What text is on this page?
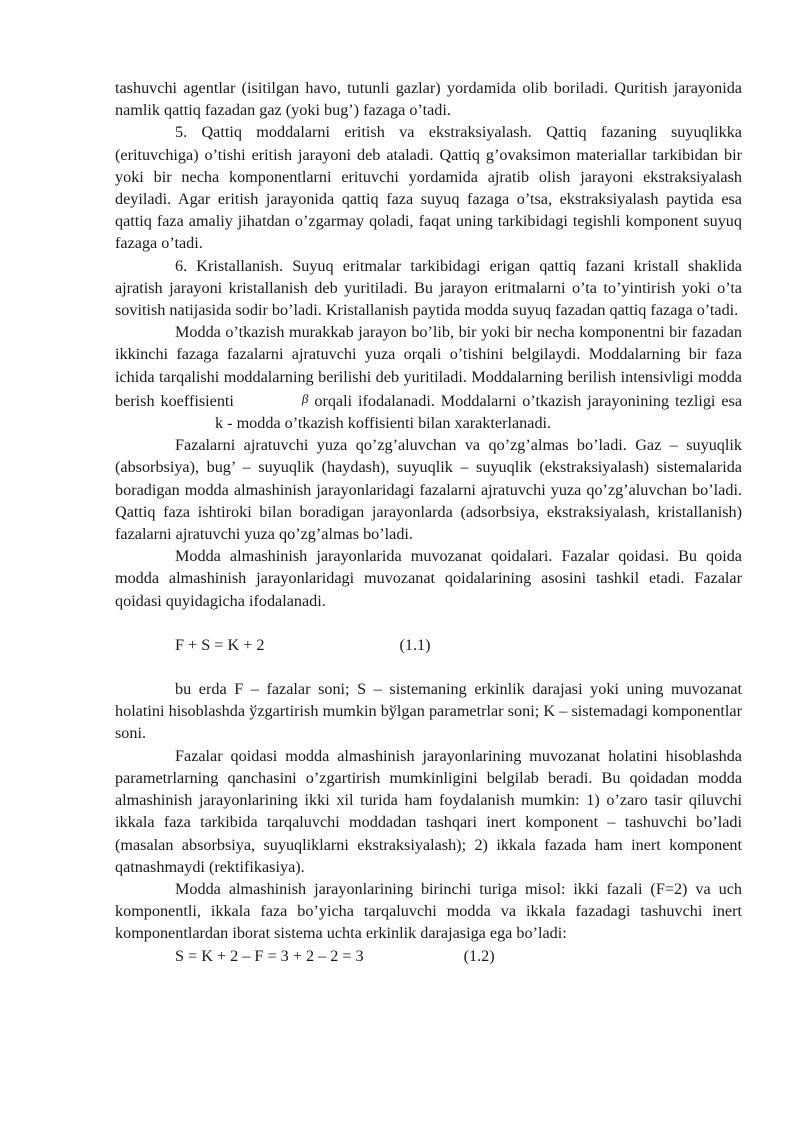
tashuvchi agentlar (isitilgan havo, tutunli gazlar) yordamida olib boriladi. Quritish jarayonida namlik qattiq fazadan gaz (yoki bug’) fazaga o’tadi.

5. Qattiq moddalarni eritish va ekstraksiyalash. Qattiq fazaning suyuqlikka (erituvchiga) o’tishi eritish jarayoni deb ataladi. Qattiq g’ovaksimon materiallar tarkibidan bir yoki bir necha komponentlarni erituvchi yordamida ajratib olish jarayoni ekstraksiyalash deyiladi. Agar eritish jarayonida qattiq faza suyuq fazaga o’tsa, ekstraksiyalash paytida esa qattiq faza amaliy jihatdan o’zgarmay qoladi, faqat uning tarkibidagi tegishli komponent suyuq fazaga o’tadi.

6. Kristallanish. Suyuq eritmalar tarkibidagi erigan qattiq fazani kristall shaklida ajratish jarayoni kristallanish deb yuritiladi. Bu jarayon eritmalarni o’ta to’yintirish yoki o’ta sovitish natijasida sodir bo’ladi. Kristallanish paytida modda suyuq fazadan qattiq fazaga o’tadi.

Modda o’tkazish murakkab jarayon bo’lib, bir yoki bir necha komponentni bir fazadan ikkinchi fazaga fazalarni ajratuvchi yuza orqali o’tishini belgilaydi. Moddalarning bir faza ichida tarqalishi moddalarning berilishi deb yuritiladi. Moddalarning berilish intensivligi modda berish koeffisienti	β orqali ifodalanadi. Moddalarni o’tkazish jarayonining tezligi esak - modda o’tkazish koffisienti bilan xarakterlanadi.

Fazalarni ajratuvchi yuza qo’zg’aluvchan va qo’zg’almas bo’ladi. Gaz – suyuqlik (absorbsiya), bug’ – suyuqlik (haydash), suyuqlik – suyuqlik (ekstraksiyalash) sistemalarida boradigan modda almashinish jarayonlaridagi fazalarni ajratuvchi yuza qo’zg’aluvchan bo’ladi. Qattiq faza ishtiroki bilan boradigan jarayonlarda (adsorbsiya, ekstraksiyalash, kristallanish) fazalarni ajratuvchi yuza qo’zg’almas bo’ladi.

Modda almashinish jarayonlarida muvozanat qoidalari. Fazalar qoidasi. Bu qoida modda almashinish jarayonlaridagi muvozanat qoidalarining asosini tashkil etadi. Fazalar qoidasi quyidagicha ifodalanadi.

F + S = K + 2	(1.1)

bu erda F – fazalar soni; S – sistemaning erkinlik darajasi yoki uning muvozanat holatini hisoblashda ўzgartirish mumkin bўlgan parametrlar soni; K – sistemadagi komponentlar soni.

Fazalar qoidasi modda almashinish jarayonlarining muvozanat holatini hisoblashda parametrlarning qanchasini o’zgartirish mumkinligini belgilab beradi. Bu qoidadan modda almashinish jarayonlarining ikki xil turida ham foydalanish mumkin: 1) o’zaro tasir qiluvchi ikkala faza tarkibida tarqaluvchi moddadan tashqari inert komponent – tashuvchi bo’ladi (masalan absorbsiya, suyuqliklarni ekstraksiyalash); 2) ikkala fazada ham inert komponent qatnashmaydi (rektifikasiya).

Modda almashinish jarayonlarining birinchi turiga misol: ikki fazali (F=2) va uch komponentli, ikkala faza bo’yicha tarqaluvchi modda va ikkala fazadagi tashuvchi inert komponentlardan iborat sistema uchta erkinlik darajasiga ega bo’ladi:

S = K + 2 – F = 3 + 2 – 2 = 3	(1.2)
